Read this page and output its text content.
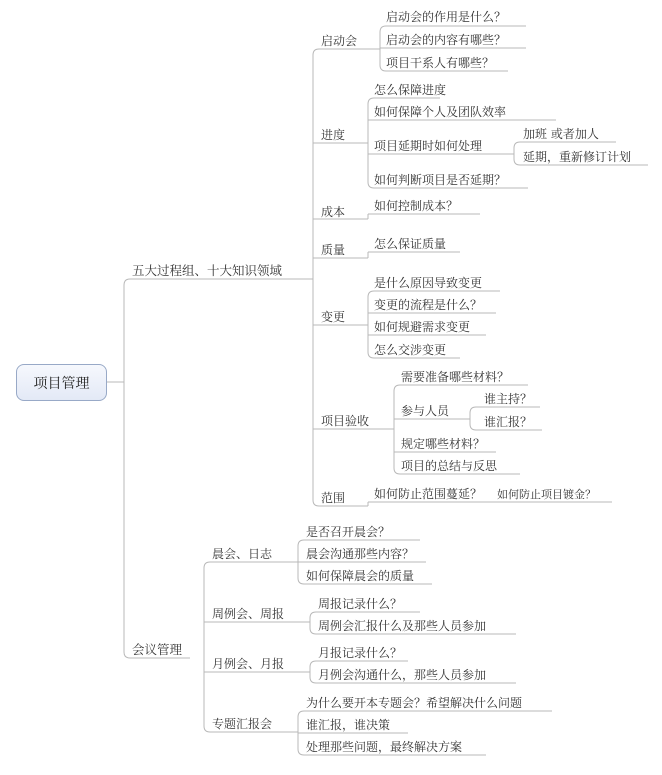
项目管理
五大过程组、十大知识领域
会议管理
启动会
进度
成本
质量
变更
项目验收
范围
启动会的作用是什么？
启动会的内容有哪些？
项目干系人有哪些？
怎么保障进度
如何保障个人及团队效率
项目延期时如何处理
如何判断项目是否延期？
加班 或者加人
延期，重新修订计划
如何控制成本？
怎么保证质量
是什么原因导致变更
变更的流程是什么？
如何规避需求变更
怎么交涉变更
需要准备哪些材料？
参与人员
规定哪些材料？
项目的总结与反思
谁主持？
谁汇报？
如何防止范围蔓延？ 如何防止项目镀金？
晨会、日志
周例会、周报
月例会、月报
专题汇报会
是否召开晨会？
晨会沟通那些内容？
如何保障晨会的质量
周报记录什么？
周例会汇报什么及那些人员参加
月报记录什么？
月例会沟通什么，那些人员参加
为什么要开本专题会？希望解决什么问题
谁汇报，谁决策
处理那些问题，最终解决方案
